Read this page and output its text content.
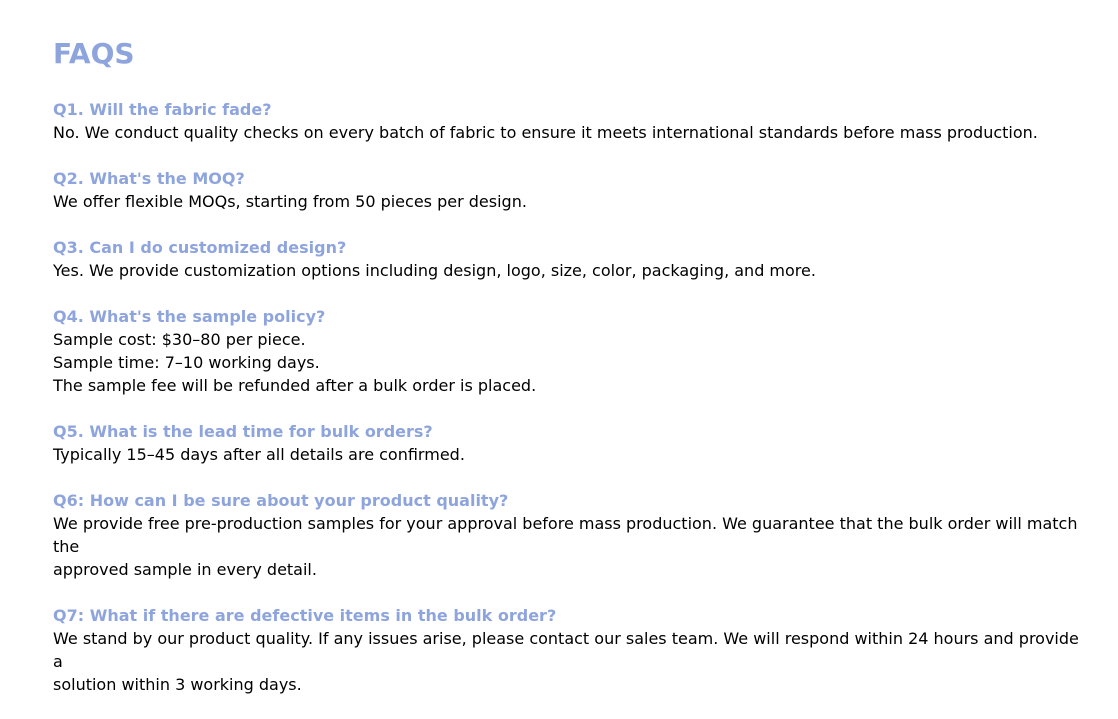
FAQS

Q1. Will the fabric fade?

No. We conduct quality checks on every batch of fabric to ensure it meets international standards before mass production.

Q2. What's the MOQ?

We offer flexible MOQs, starting from 50 pieces per design.

Q3. Can I do customized design?

Yes. We provide customization options including design, logo, size, color, packaging, and more.

Q4. What's the sample policy?

Sample cost: $30–80 per piece.

Sample time: 7–10 working days.

The sample fee will be refunded after a bulk order is placed.

Q5. What is the lead time for bulk orders?

Typically 15–45 days after all details are confirmed.

Q6: How can I be sure about your product quality?

We provide free pre-production samples for your approval before mass production. We guarantee that the bulk order will match the

approved sample in every detail.

Q7: What if there are defective items in the bulk order?

We stand by our product quality. If any issues arise, please contact our sales team. We will respond within 24 hours and provide a

solution within 3 working days.
